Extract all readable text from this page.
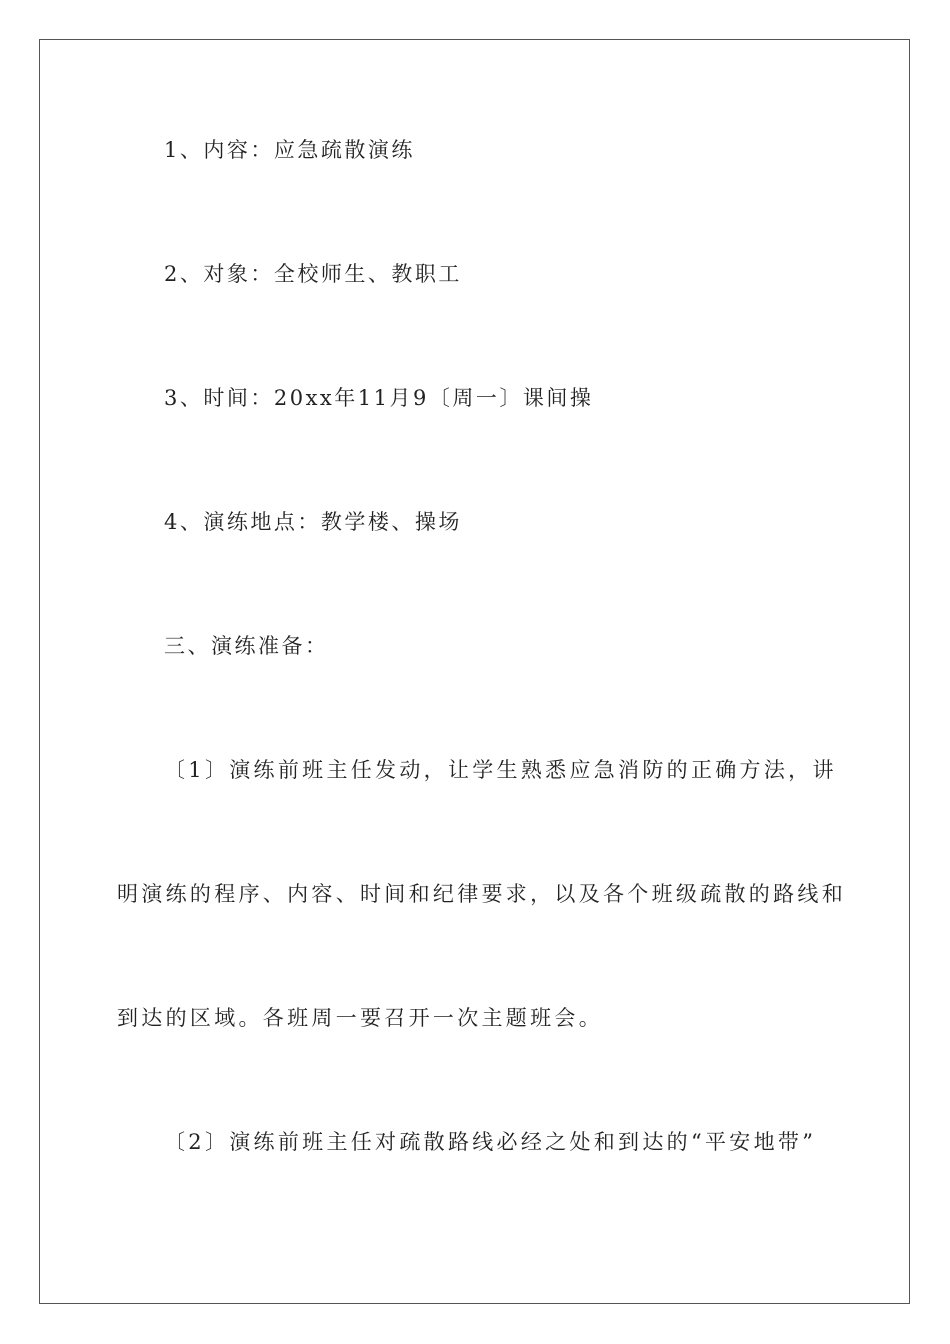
1、内容：应急疏散演练
2、对象：全校师生、教职工
3、时间：20xx年11月9〔周一〕课间操
4、演练地点：教学楼、操场
三、演练准备：
〔1〕演练前班主任发动，让学生熟悉应急消防的正确方法，讲
明演练的程序、内容、时间和纪律要求，以及各个班级疏散的路线和
到达的区域。各班周一要召开一次主题班会。
〔2〕演练前班主任对疏散路线必经之处和到达的“平安地带”
